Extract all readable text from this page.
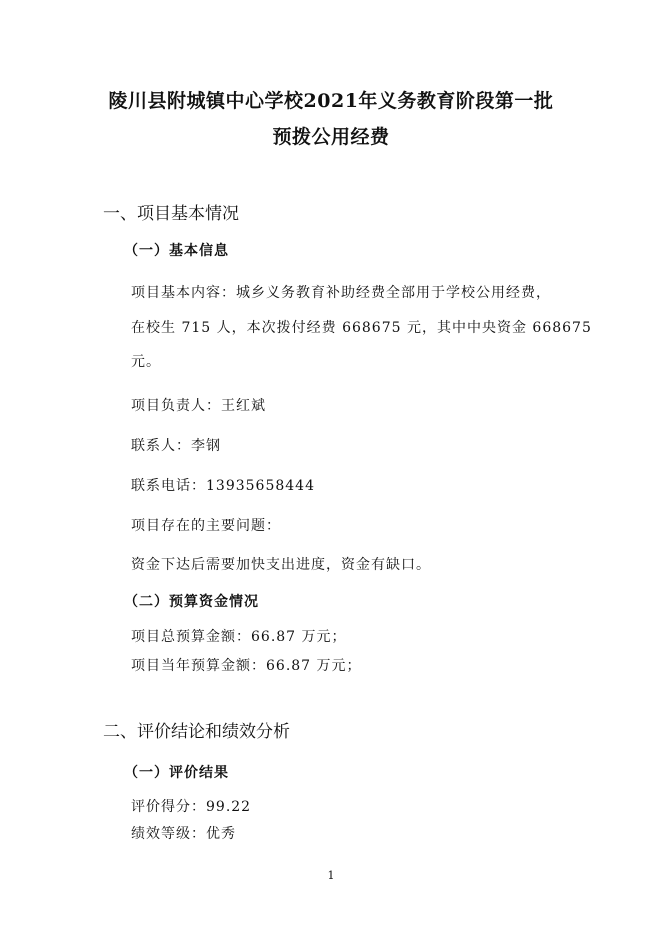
陵川县附城镇中心学校2021年义务教育阶段第一批
预拨公用经费
一、项目基本情况
（一）基本信息
项目基本内容：城乡义务教育补助经费全部用于学校公用经费，
在校生 715 人，本次拨付经费 668675 元，其中中央资金 668675
元。
项目负责人：王红斌
联系人：李钢
联系电话：13935658444
项目存在的主要问题：
资金下达后需要加快支出进度，资金有缺口。
（二）预算资金情况
项目总预算金额：66.87 万元；
项目当年预算金额：66.87 万元；
二、评价结论和绩效分析
（一）评价结果
评价得分：99.22
绩效等级：优秀
1
